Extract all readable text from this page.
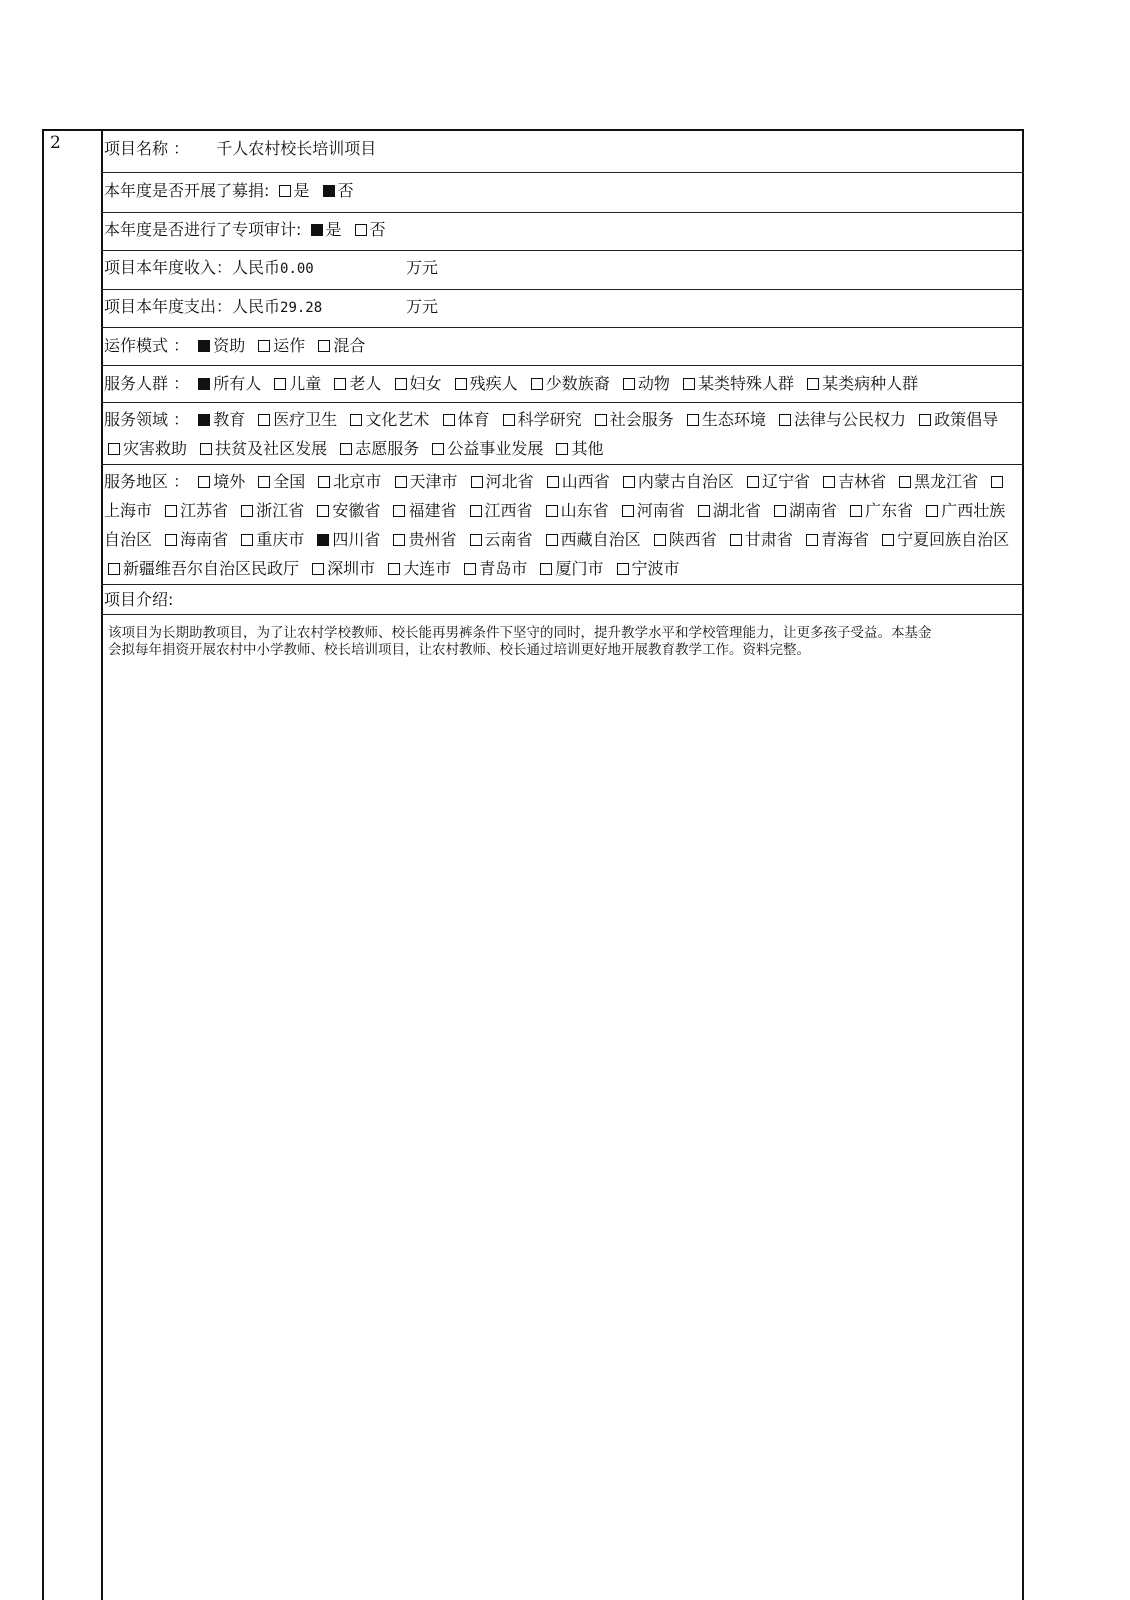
2	项目名称 ： 千人农村校长培训项目
本年度是否开展了募捐: 是 否
本年度是否进行了专项审计: 是 否
项目本年度收入：人民币0.00	万元
项目本年度支出：人民币29.28	万元
运作模式 ： 资助 运作 混合
服务人群 ： 所有人 儿童 老人 妇女 残疾人 少数族裔 动物 某类特殊人群 某类病种人群
服务领域 ： 教育 医疗卫生 文化艺术 体育 科学研究 社会服务 生态环境 法律与公民权力 政策倡导 灾害救助 扶贫及社区发展 志愿服务 公益事业发展 其他
服务地区 ： 境外 全国 北京市 天津市 河北省 山西省 内蒙古自治区 辽宁省 吉林省 黑龙江省 上海市 江苏省 浙江省 安徽省 福建省 江西省 山东省 河南省 湖北省 湖南省 广东省 广西壮族自治区 海南省 重庆市 四川省 贵州省 云南省 西藏自治区 陕西省 甘肃省 青海省 宁夏回族自治区 新疆维吾尔自治区民政厅 深圳市 大连市 青岛市 厦门市 宁波市
项目介绍:
该项目为长期助教项目，为了让农村学校教师、校长能再男裤条件下坚守的同时，提升教学水平和学校管理能力，让更多孩子受益。本基金会拟每年捐资开展农村中小学教师、校长培训项目，让农村教师、校长通过培训更好地开展教育教学工作。资料完整。
